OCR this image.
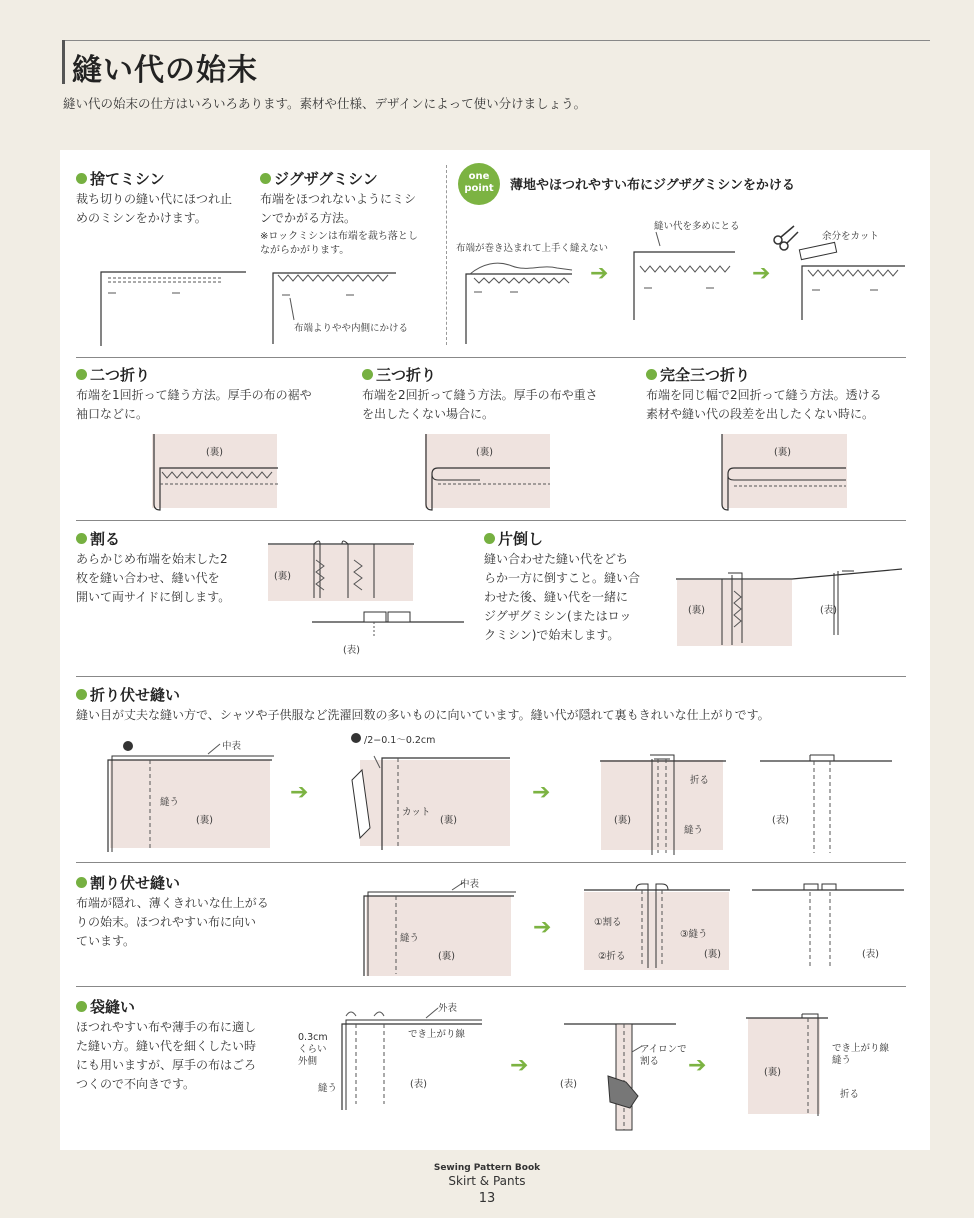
縫い代の始末
縫い代の始末の仕方はいろいろあります。素材や仕様、デザインによって使い分けましょう。
捨てミシン
裁ち切りの縫い代にほつれ止
めのミシンをかけます。
ジグザグミシン
布端をほつれないようにミシ
ンでかがる方法。
※ロックミシンは布端を裁ち落とし
ながらかがります。
布端よりやや内側にかける
one
point	薄地やほつれやすい布にジグザグミシンをかける
布端が巻き込まれて上手く縫えない
➔
縫い代を多めにとる
➔
余分をカット
二つ折り
布端を1回折って縫う方法。厚手の布の裾や
袖口などに。
(裏)
三つ折り
布端を2回折って縫う方法。厚手の布や重さ
を出したくない場合に。
(裏)
完全三つ折り
布端を同じ幅で2回折って縫う方法。透ける
素材や縫い代の段差を出したくない時に。
(裏)
割る
あらかじめ布端を始末した2
枚を縫い合わせ、縫い代を
開いて両サイドに倒します。
(裏)
(表)
片倒し
縫い合わせた縫い代をどち
らか一方に倒すこと。縫い合
わせた後、縫い代を一緒に
ジグザグミシン(またはロッ
クミシン)で始末します。
(裏)	(表)
折り伏せ縫い
縫い目が丈夫な縫い方で、シャツや子供服など洗濯回数の多いものに向いています。縫い代が隠れて裏もきれいな仕上がりです。
中表
縫う
(裏)
➔
/2−0.1〜0.2cm
カット
(裏)
➔	折る
(裏)
縫う
(表)
割り伏せ縫い
布端が隠れ、薄くきれいな仕上がる
りの始末。ほつれやすい布に向い
ています。
中表
縫う
(裏)
➔	①割る
②折る
③縫う
(裏)	(表)
袋縫い
ほつれやすい布や薄手の布に適し
た縫い方。縫い代を細くしたい時
にも用いますが、厚手の布はごろ
つくので不向きです。
外表
でき上がり線
0.3cm
くらい
外側
縫う	(表)
➔
(表)
アイロンで
割る	➔
でき上がり線
縫う
(裏)
折る
Sewing Pattern Book
Skirt & Pants
13
